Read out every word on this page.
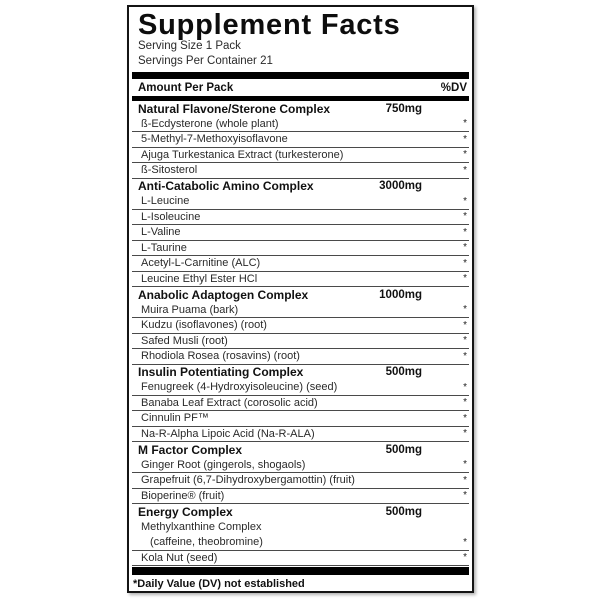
Supplement Facts
Serving Size 1 Pack
Servings Per Container 21
Amount Per Pack	%DV
Natural Flavone/Sterone Complex	750mg
ß-Ecdysterone (whole plant)	*
5-Methyl-7-Methoxyisoflavone	*
Ajuga Turkestanica Extract (turkesterone)	*
ß-Sitosterol	*
Anti-Catabolic Amino Complex	3000mg
L-Leucine	*
L-Isoleucine	*
L-Valine	*
L-Taurine	*
Acetyl-L-Carnitine (ALC)	*
Leucine Ethyl Ester HCl	*
Anabolic Adaptogen Complex	1000mg
Muira Puama (bark)	*
Kudzu (isoflavones) (root)	*
Safed Musli (root)	*
Rhodiola Rosea (rosavins) (root)	*
Insulin Potentiating Complex	500mg
Fenugreek (4-Hydroxyisoleucine) (seed)	*
Banaba Leaf Extract (corosolic acid)	*
Cinnulin PF™	*
Na-R-Alpha Lipoic Acid (Na-R-ALA)	*
M Factor Complex	500mg
Ginger Root (gingerols, shogaols)	*
Grapefruit (6,7-Dihydroxybergamottin) (fruit)	*
Bioperine® (fruit)	*
Energy Complex	500mg
Methylxanthine Complex
(caffeine, theobromine)	*
Kola Nut (seed)	*
*Daily Value (DV) not established
